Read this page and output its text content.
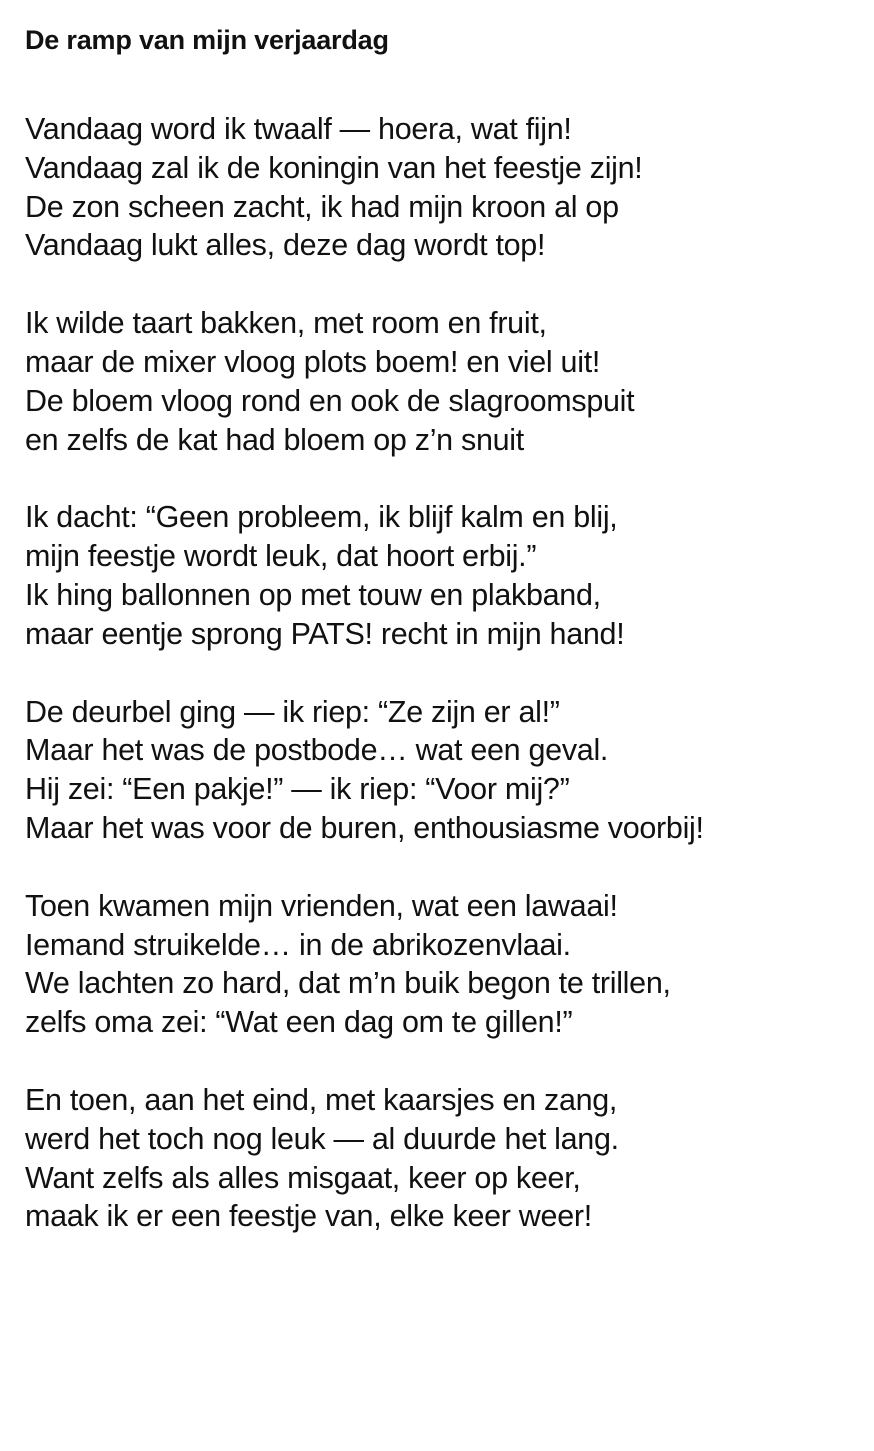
De ramp van mijn verjaardag
Vandaag word ik twaalf — hoera, wat fijn!
Vandaag zal ik de koningin van het feestje zijn!
De zon scheen zacht, ik had mijn kroon al op
Vandaag lukt alles, deze dag wordt top!
Ik wilde taart bakken, met room en fruit,
maar de mixer vloog plots boem! en viel uit!
De bloem vloog rond en ook de slagroomspuit
en zelfs de kat had bloem op z’n snuit
Ik dacht: “Geen probleem, ik blijf kalm en blij,
mijn feestje wordt leuk, dat hoort erbij.”
Ik hing ballonnen op met touw en plakband,
maar eentje sprong PATS! recht in mijn hand!
De deurbel ging — ik riep: “Ze zijn er al!”
Maar het was de postbode… wat een geval.
Hij zei: “Een pakje!” — ik riep: “Voor mij?”
Maar het was voor de buren, enthousiasme voorbij!
Toen kwamen mijn vrienden, wat een lawaai!
Iemand struikelde… in de abrikozenvlaai.
We lachten zo hard, dat m’n buik begon te trillen,
zelfs oma zei: “Wat een dag om te gillen!”
En toen, aan het eind, met kaarsjes en zang,
werd het toch nog leuk — al duurde het lang.
Want zelfs als alles misgaat, keer op keer,
maak ik er een feestje van, elke keer weer!
